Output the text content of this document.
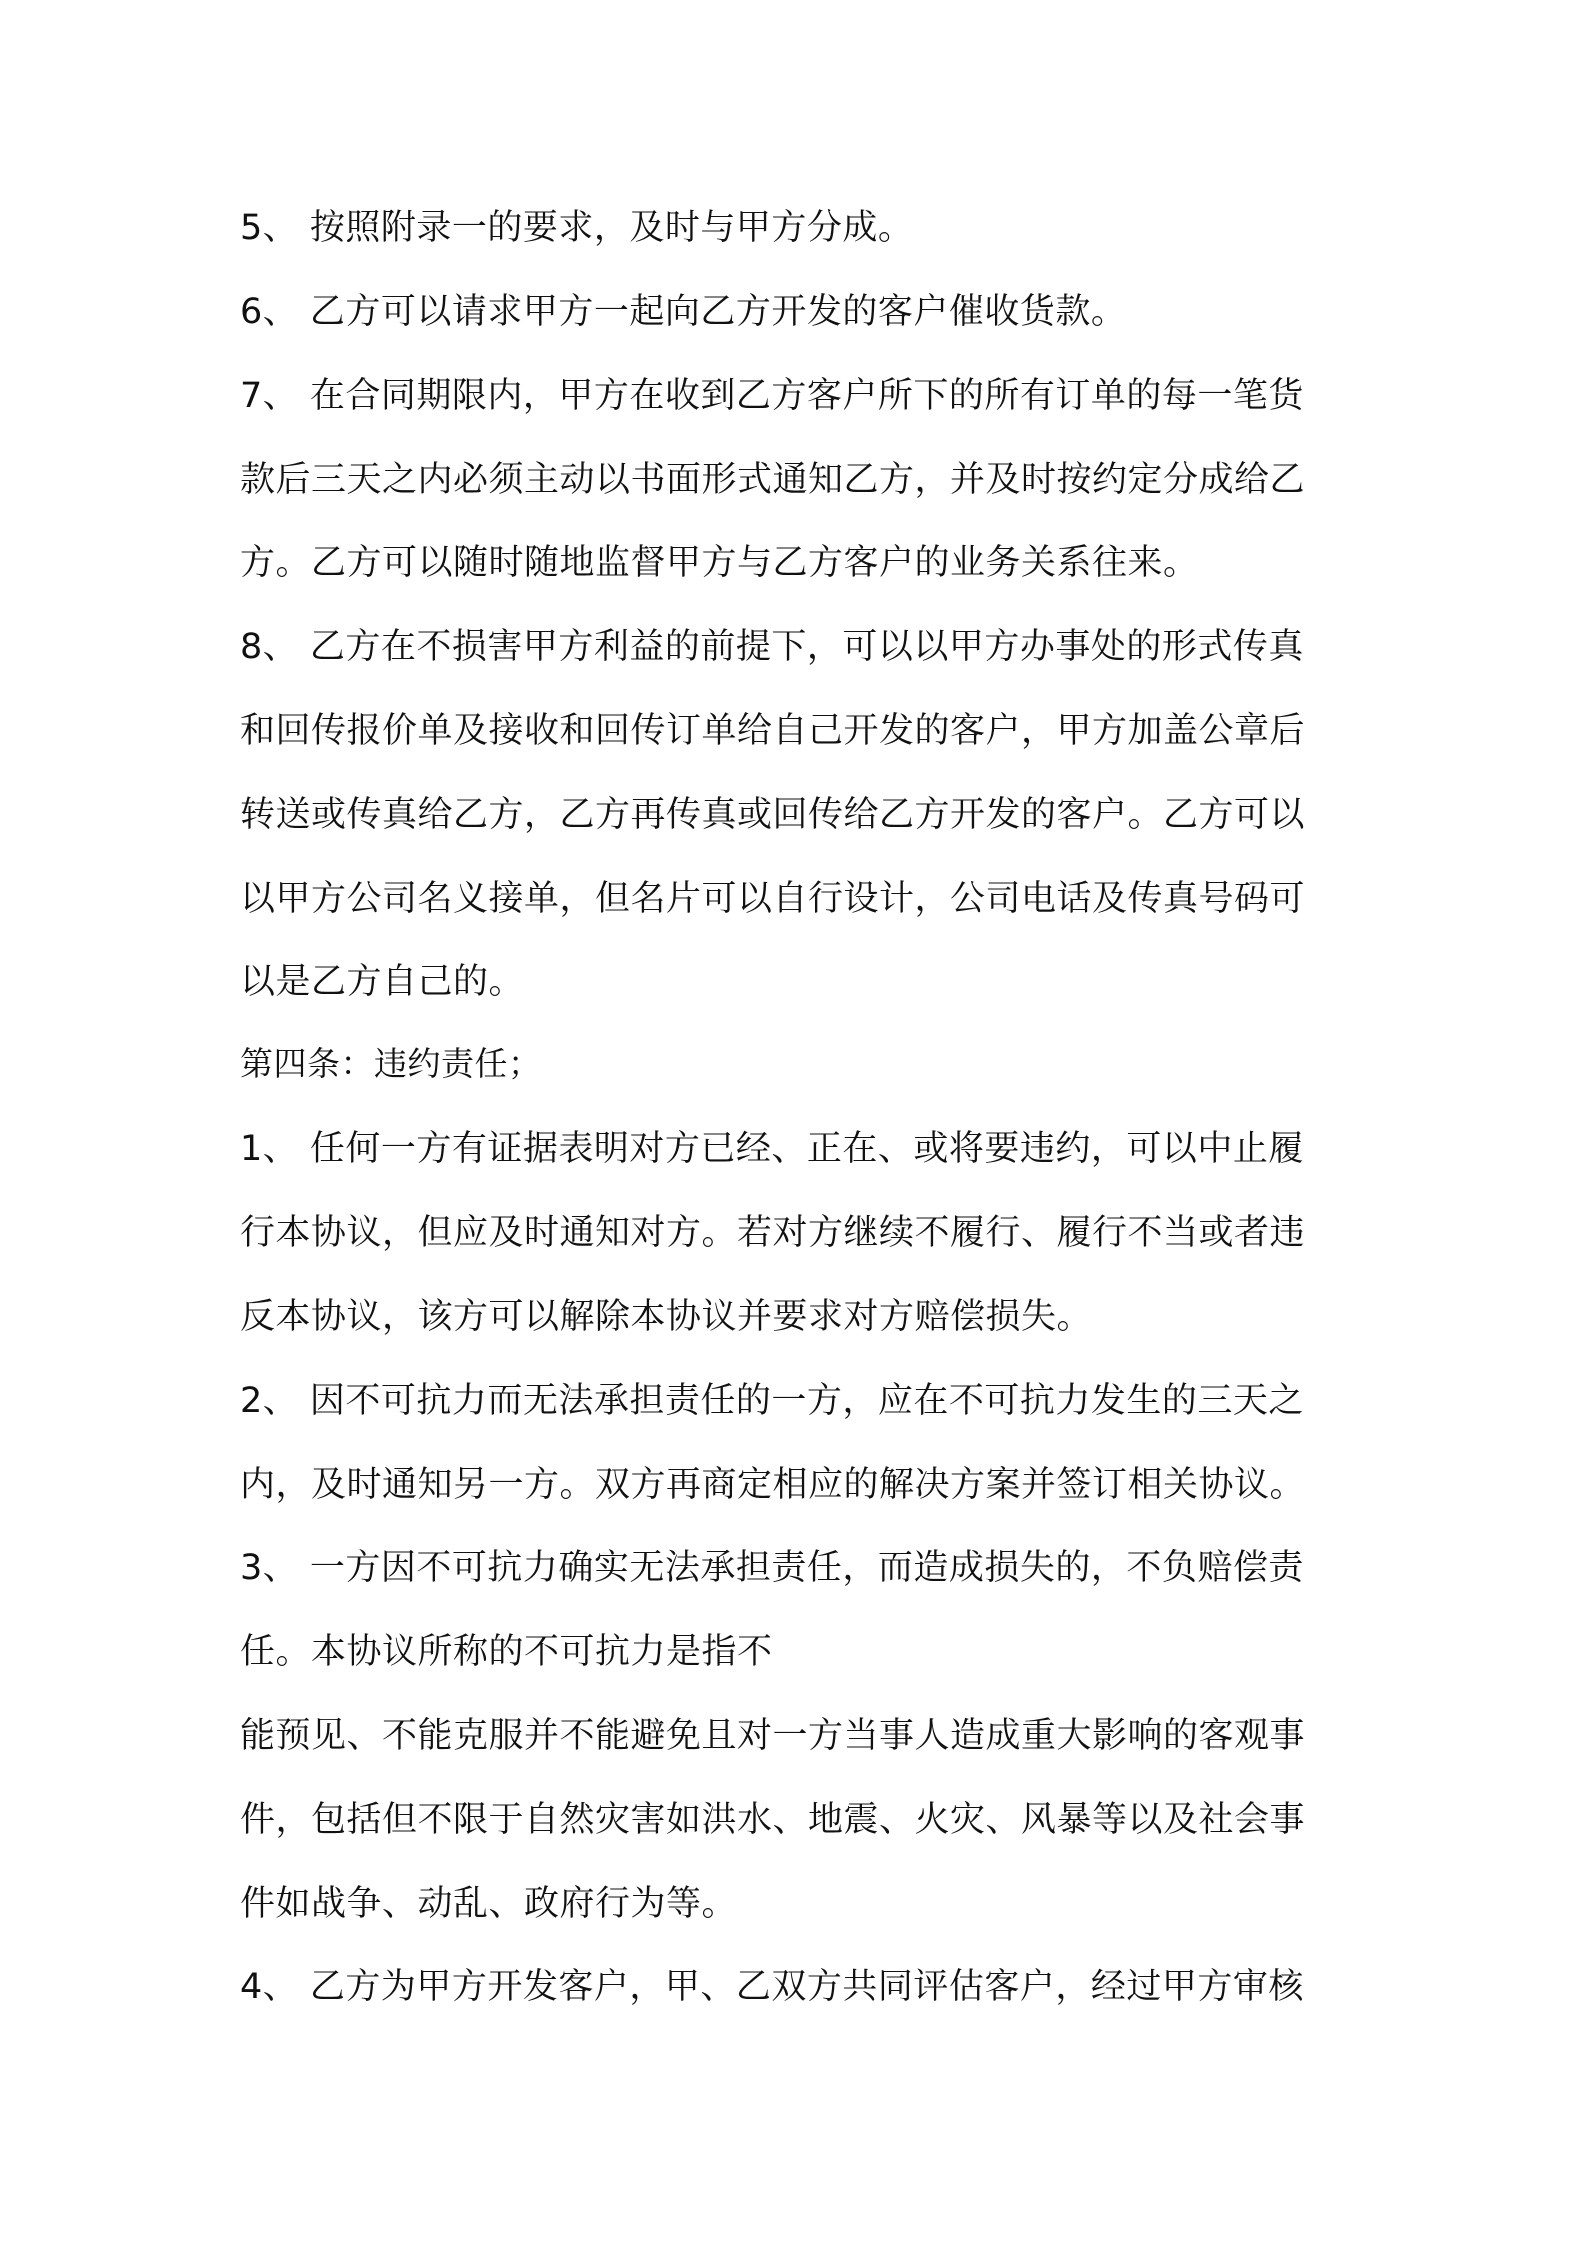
5、 按照附录一的要求，及时与甲方分成。
6、 乙方可以请求甲方一起向乙方开发的客户催收货款。
7、 在合同期限内，甲方在收到乙方客户所下的所有订单的每一笔货
款后三天之内必须主动以书面形式通知乙方，并及时按约定分成给乙
方。乙方可以随时随地监督甲方与乙方客户的业务关系往来。
8、 乙方在不损害甲方利益的前提下，可以以甲方办事处的形式传真
和回传报价单及接收和回传订单给自己开发的客户，甲方加盖公章后
转送或传真给乙方，乙方再传真或回传给乙方开发的客户。乙方可以
以甲方公司名义接单，但名片可以自行设计，公司电话及传真号码可
以是乙方自己的。
第四条：违约责任；
1、 任何一方有证据表明对方已经、正在、或将要违约，可以中止履
行本协议，但应及时通知对方。若对方继续不履行、履行不当或者违
反本协议，该方可以解除本协议并要求对方赔偿损失。
2、 因不可抗力而无法承担责任的一方，应在不可抗力发生的三天之
内，及时通知另一方。双方再商定相应的解决方案并签订相关协议。
3、 一方因不可抗力确实无法承担责任，而造成损失的，不负赔偿责
任。本协议所称的不可抗力是指不
能预见、不能克服并不能避免且对一方当事人造成重大影响的客观事
件，包括但不限于自然灾害如洪水、地震、火灾、风暴等以及社会事
件如战争、动乱、政府行为等。
4、 乙方为甲方开发客户，甲、乙双方共同评估客户，经过甲方审核
